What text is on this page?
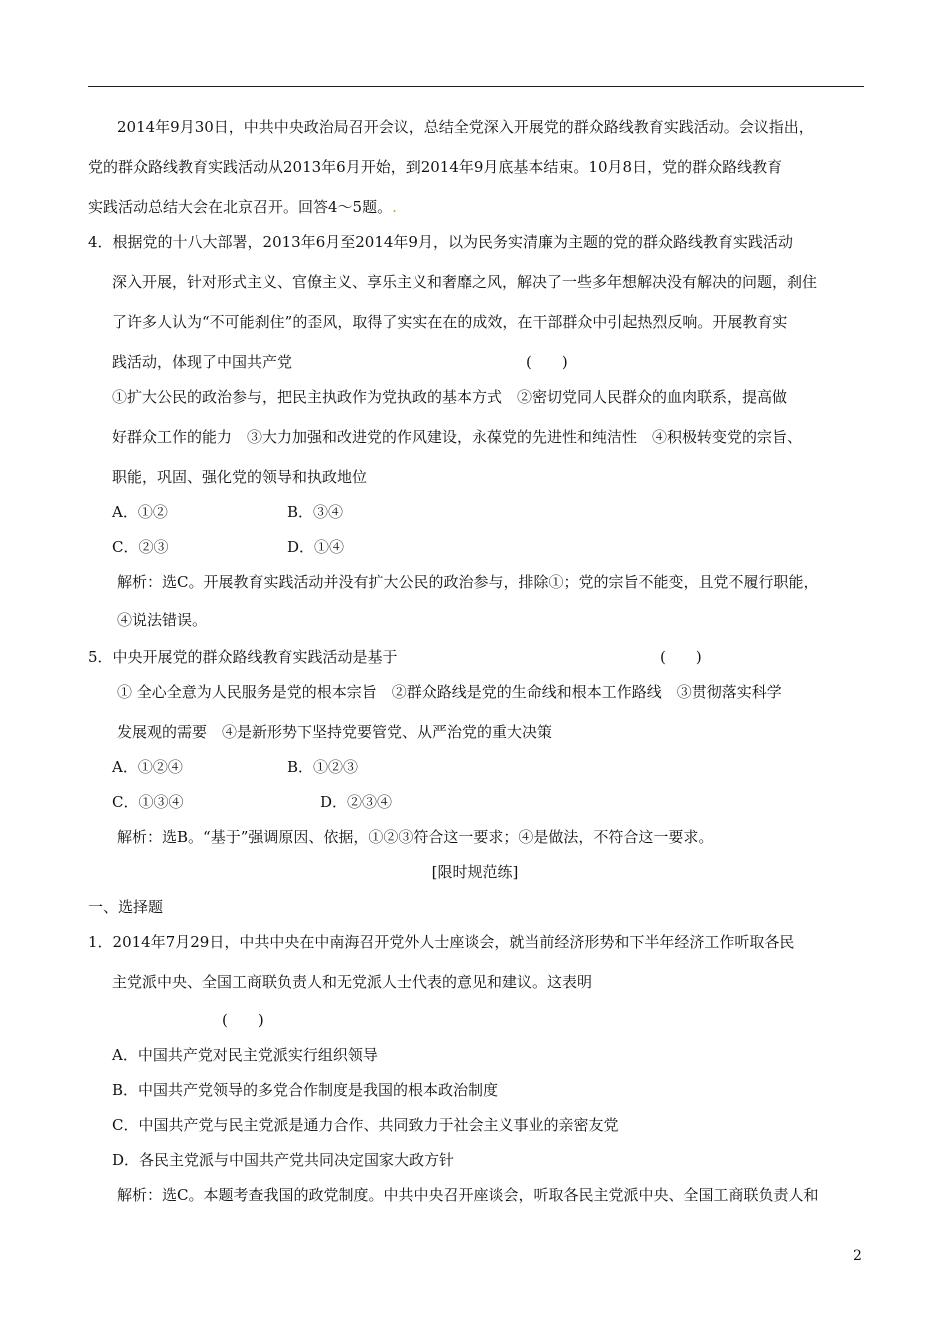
2014年9月30日，中共中央政治局召开会议，总结全党深入开展党的群众路线教育实践活动。会议指出，
党的群众路线教育实践活动从2013年6月开始，到2014年9月底基本结束。10月8日，党的群众路线教育
实践活动总结大会在北京召开。回答4～5题。.
4．根据党的十八大部署，2013年6月至2014年9月，以为民务实清廉为主题的党的群众路线教育实践活动
深入开展，针对形式主义、官僚主义、享乐主义和奢靡之风，解决了一些多年想解决没有解决的问题，刹住
了许多人认为“不可能刹住”的歪风，取得了实实在在的成效，在干部群众中引起热烈反响。开展教育实
践活动，体现了中国共产党	(　　)
①扩大公民的政治参与，把民主执政作为党执政的基本方式　②密切党同人民群众的血肉联系，提高做
好群众工作的能力　③大力加强和改进党的作风建设，永葆党的先进性和纯洁性　④积极转变党的宗旨、
职能，巩固、强化党的领导和执政地位
A．①②	B．③④
C．②③	D．①④
解析：选C。开展教育实践活动并没有扩大公民的政治参与，排除①；党的宗旨不能变，且党不履行职能，
④说法错误。
5．中央开展党的群众路线教育实践活动是基于	(　　)
① 全心全意为人民服务是党的根本宗旨　②群众路线是党的生命线和根本工作路线　③贯彻落实科学
发展观的需要　④是新形势下坚持党要管党、从严治党的重大决策
A．①②④	B．①②③
C．①③④	D．②③④
解析：选B。“基于”强调原因、依据，①②③符合这一要求；④是做法，不符合这一要求。
[限时规范练]
一、选择题
1．2014年7月29日，中共中央在中南海召开党外人士座谈会，就当前经济形势和下半年经济工作听取各民
主党派中央、全国工商联负责人和无党派人士代表的意见和建议。这表明
(　　)
A．中国共产党对民主党派实行组织领导
B．中国共产党领导的多党合作制度是我国的根本政治制度
C．中国共产党与民主党派是通力合作、共同致力于社会主义事业的亲密友党
D．各民主党派与中国共产党共同决定国家大政方针
解析：选C。本题考查我国的政党制度。中共中央召开座谈会，听取各民主党派中央、全国工商联负责人和
2
